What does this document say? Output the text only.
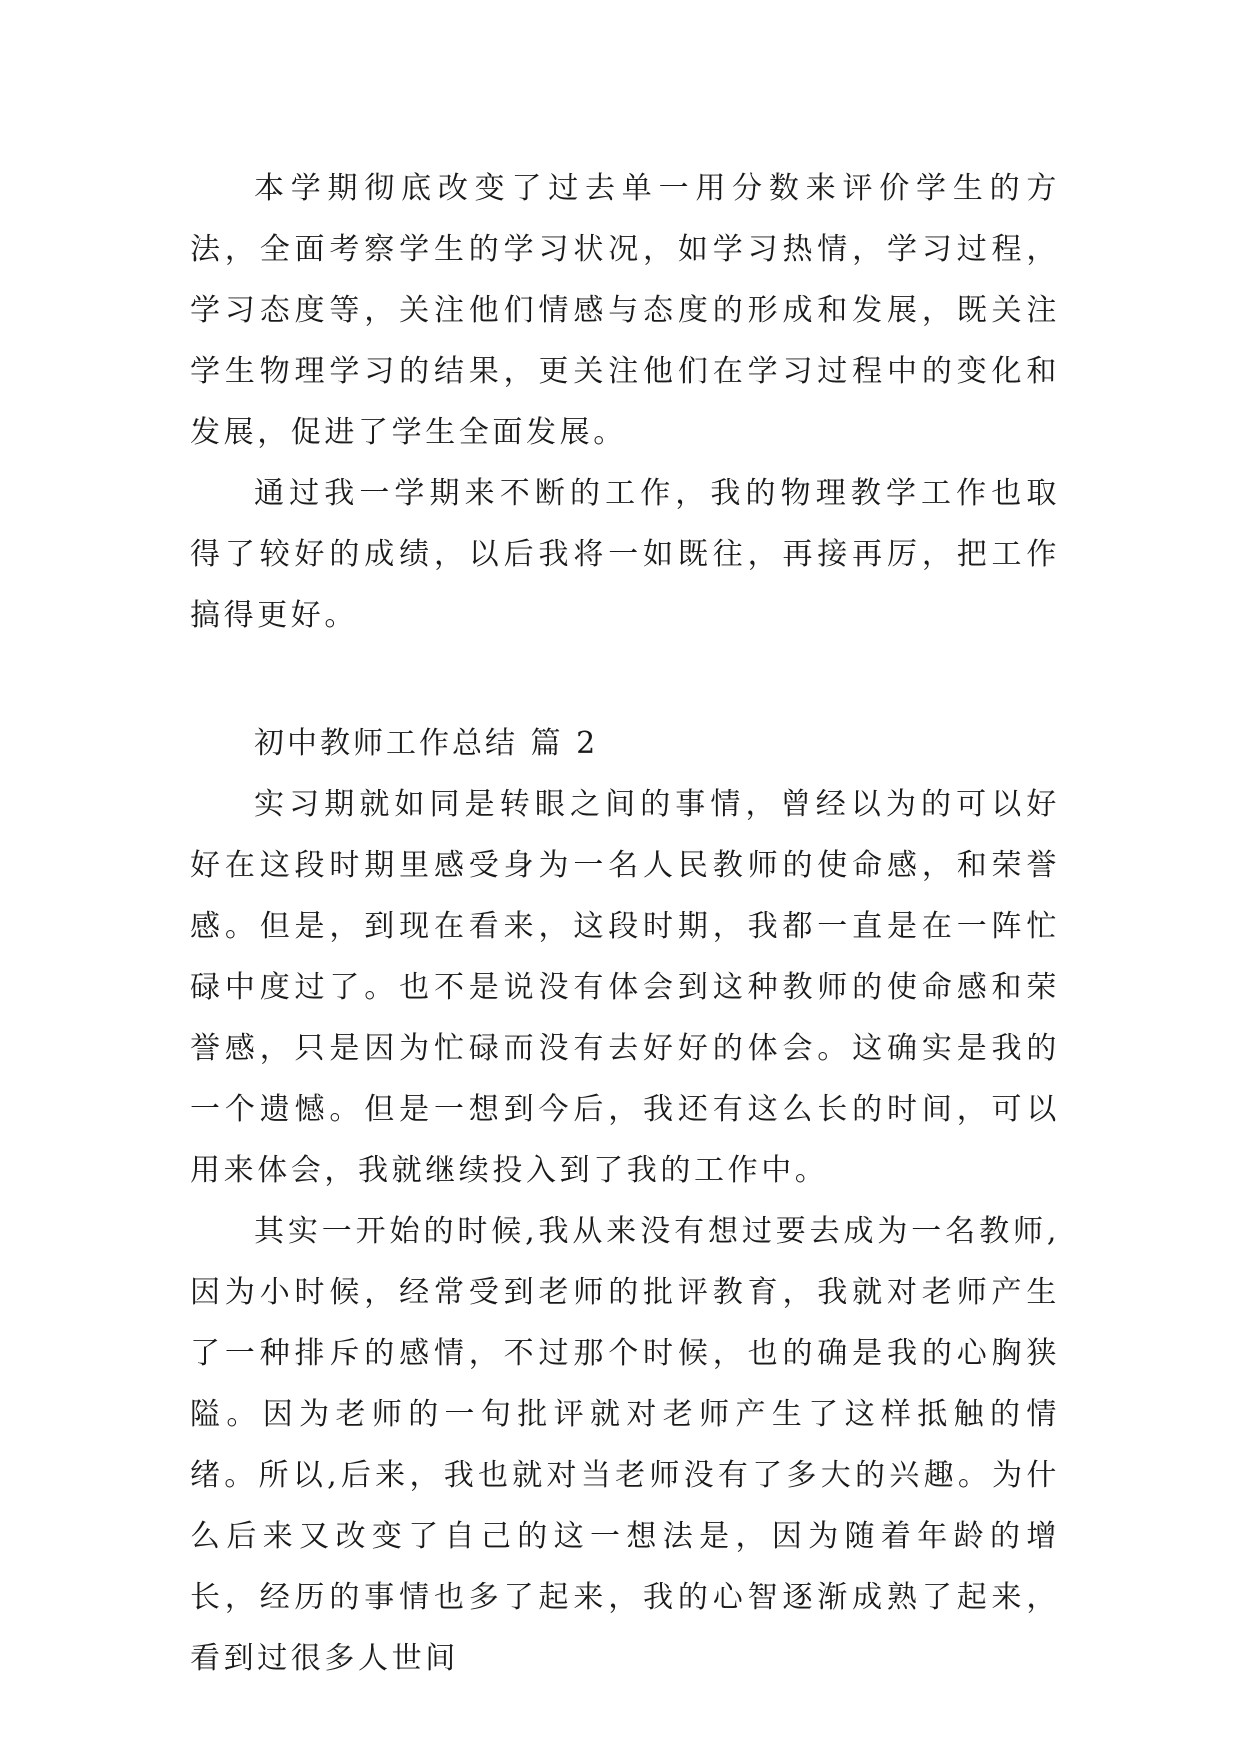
本学期彻底改变了过去单一用分数来评价学生的方法，全面考察学生的学习状况，如学习热情，学习过程，学习态度等，关注他们情感与态度的形成和发展，既关注学生物理学习的结果，更关注他们在学习过程中的变化和发展，促进了学生全面发展。

通过我一学期来不断的工作，我的物理教学工作也取得了较好的成绩，以后我将一如既往，再接再厉，把工作搞得更好。

初中教师工作总结 篇 2

实习期就如同是转眼之间的事情，曾经以为的可以好好在这段时期里感受身为一名人民教师的使命感，和荣誉感。但是，到现在看来，这段时期，我都一直是在一阵忙碌中度过了。也不是说没有体会到这种教师的使命感和荣誉感，只是因为忙碌而没有去好好的体会。这确实是我的一个遗憾。但是一想到今后，我还有这么长的时间，可以用来体会，我就继续投入到了我的工作中。

其实一开始的时候,我从来没有想过要去成为一名教师,因为小时候，经常受到老师的批评教育，我就对老师产生了一种排斥的感情，不过那个时候，也的确是我的心胸狭隘。因为老师的一句批评就对老师产生了这样抵触的情绪。所以,后来，我也就对当老师没有了多大的兴趣。为什么后来又改变了自己的这一想法是，因为随着年龄的增长，经历的事情也多了起来，我的心智逐渐成熟了起来，看到过很多人世间
